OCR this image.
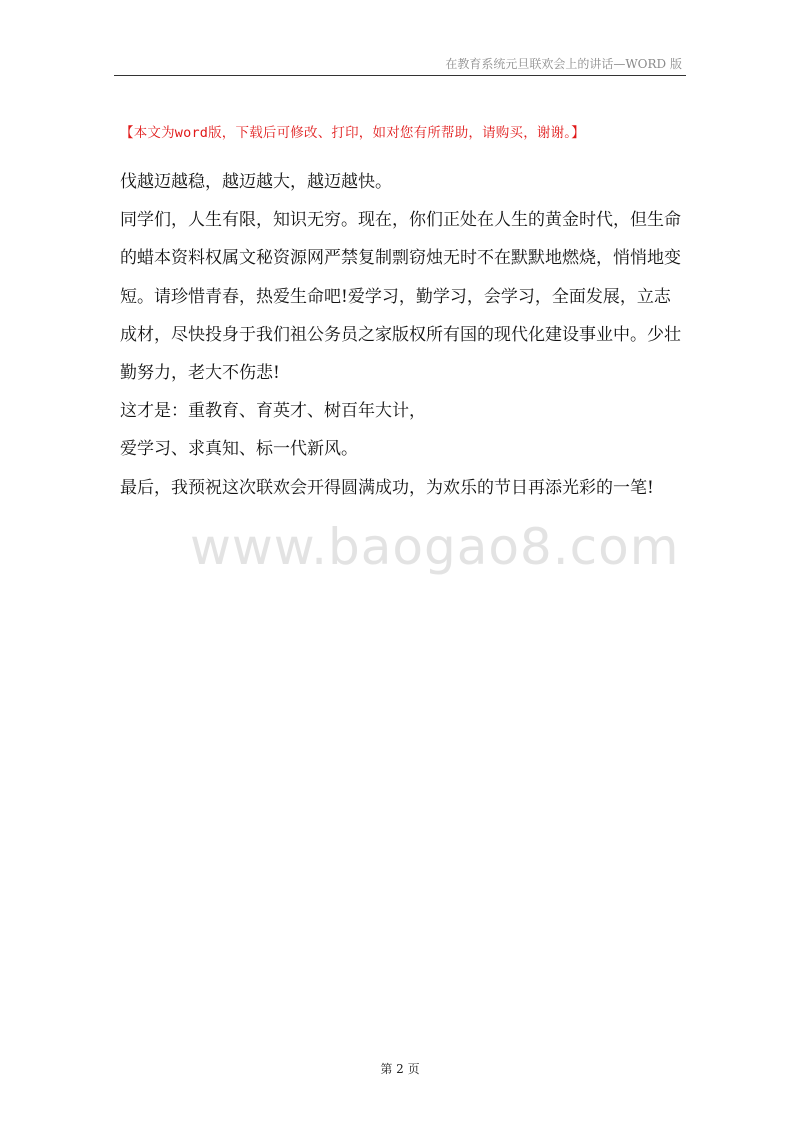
在教育系统元旦联欢会上的讲话—WORD 版
【本文为word版，下载后可修改、打印，如对您有所帮助，请购买，谢谢。】
www.baogao8.com

伐越迈越稳，越迈越大，越迈越快。

同学们，人生有限，知识无穷。现在，你们正处在人生的黄金时代，但生命的蜡本资料权属文秘资源网严禁复制剽窃烛无时不在默默地燃烧，悄悄地变短。请珍惜青春，热爱生命吧!爱学习，勤学习，会学习，全面发展，立志成材，尽快投身于我们祖公务员之家版权所有国的现代化建设事业中。少壮勤努力，老大不伤悲!

这才是：重教育、育英才、树百年大计，

爱学习、求真知、标一代新风。

最后，我预祝这次联欢会开得圆满成功，为欢乐的节日再添光彩的一笔!

第 2 页
